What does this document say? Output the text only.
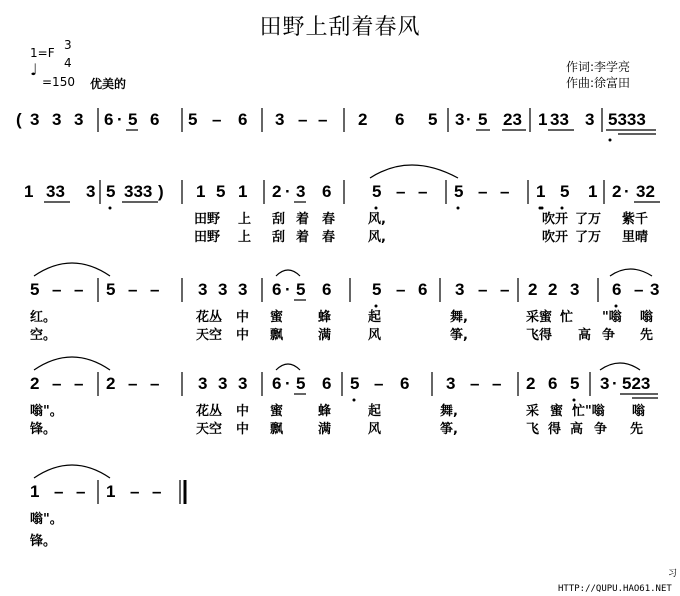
田野上刮着春风
1=F
3
4
♩
=150 优美的
作词:李学亮
作曲:徐富田
( 3 3 3 6 · 5 6 5 – 6 3 – – 2 6 5 3 · 5 23 1 33 3 5333
1 33 3 5 333 ) 1 5 1 2 · 3 6 5 – – 5 – – 1 5 1 2 · 32
田野 上 刮 着 春	风,	吹开 了万 紫千
田野 上 刮 着 春	风,	吹开 了万 里晴
5 – – 5 – – 3 3 3 6 · 5 6 5 – 6 3 – – 2 2 3 6 – 3
红。	花丛 中 蜜	蜂	起	舞,	采蜜 忙 "嗡 嗡
空。	天空 中 飘	满	风	筝,	飞得 高 争 先
2 – – 2 – – 3 3 3 6 · 5 6 5 – 6 3 – – 2 6 5 3 · 523
嗡"。	花丛 中 蜜	蜂	起	舞,	采 蜜 忙"嗡 嗡
锋。	天空 中 飘	满	风	筝,	飞 得 高 争 先
1 – – 1 – –
嗡"。
锋。
HTTP://QUPU.HAO61.NET
习
